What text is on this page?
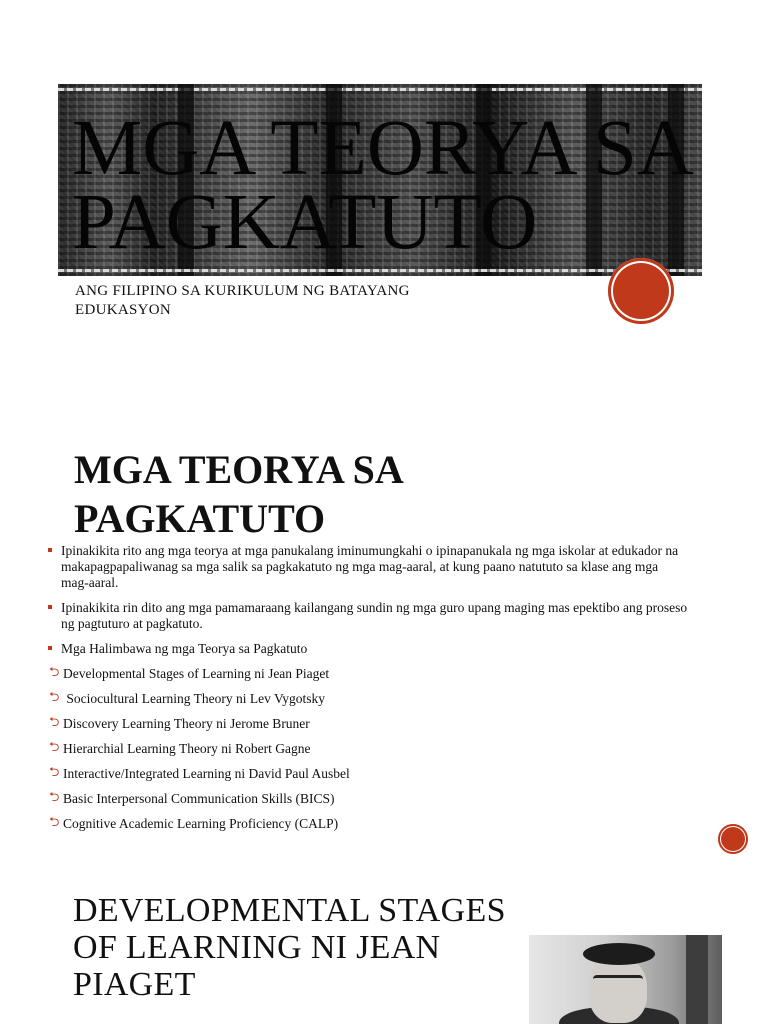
MGA TEORYA SA PAGKATUTO

ANG FILIPINO SA KURIKULUM NG BATAYANG EDUKASYON

MGA TEORYA SA PAGKATUTO
Ipinakikita rito ang mga teorya at mga panukalang iminumungkahi o ipinapanukala ng mga iskolar at edukador na makapagpapaliwanag sa mga salik sa pagkakatuto ng mga mag-aaral, at kung paano natututo sa klase ang mga mag-aaral.
Ipinakikita rin dito ang mga pamamaraang kailangang sundin ng mga guro upang maging mas epektibo ang proseso ng pagtuturo at pagkatuto.
Mga Halimbawa ng mga Teorya sa Pagkatuto
⮌ Developmental Stages of Learning ni Jean Piaget
⮌ Sociocultural Learning Theory ni Lev Vygotsky
⮌ Discovery Learning Theory ni Jerome Bruner
⮌ Hierarchial Learning Theory ni Robert Gagne
⮌ Interactive/Integrated Learning ni David Paul Ausbel
⮌ Basic Interpersonal Communication Skills (BICS)
⮌ Cognitive Academic Learning Proficiency (CALP)
DEVELOPMENTAL STAGES OF LEARNING NI JEAN PIAGET
